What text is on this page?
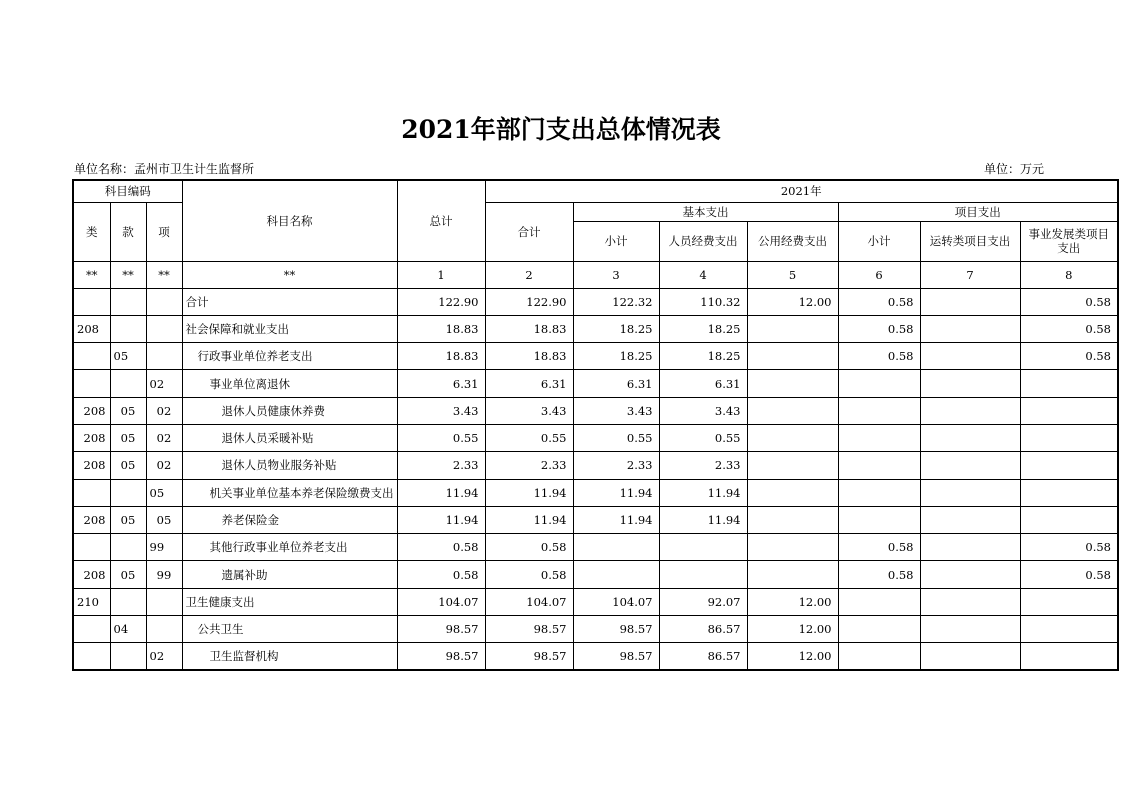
2021年部门支出总体情况表
单位名称：孟州市卫生计生监督所	单位：万元
科目编码			科目名称	总计	2021年						
类	款	项			合计	基本支出			项目支出		
						小计	人员经费支出	公用经费支出	小计	运转类项目支出	事业发展类项目支出
**	**	**	**	1	2	3	4	5	6	7	8
			合计	122.90	122.90	122.32	110.32	12.00	0.58		0.58
208			社会保障和就业支出	18.83	18.83	18.25	18.25		0.58		0.58
	05		行政事业单位养老支出	18.83	18.83	18.25	18.25		0.58		0.58
		02	事业单位离退休	6.31	6.31	6.31	6.31				
208	05	02	退休人员健康休养费	3.43	3.43	3.43	3.43				
208	05	02	退休人员采暖补贴	0.55	0.55	0.55	0.55				
208	05	02	退休人员物业服务补贴	2.33	2.33	2.33	2.33				
		05	机关事业单位基本养老保险缴费支出	11.94	11.94	11.94	11.94				
208	05	05	养老保险金	11.94	11.94	11.94	11.94				
		99	其他行政事业单位养老支出	0.58	0.58				0.58		0.58
208	05	99	遗属补助	0.58	0.58				0.58		0.58
210			卫生健康支出	104.07	104.07	104.07	92.07	12.00			
	04		公共卫生	98.57	98.57	98.57	86.57	12.00			
		02	卫生监督机构	98.57	98.57	98.57	86.57	12.00			
